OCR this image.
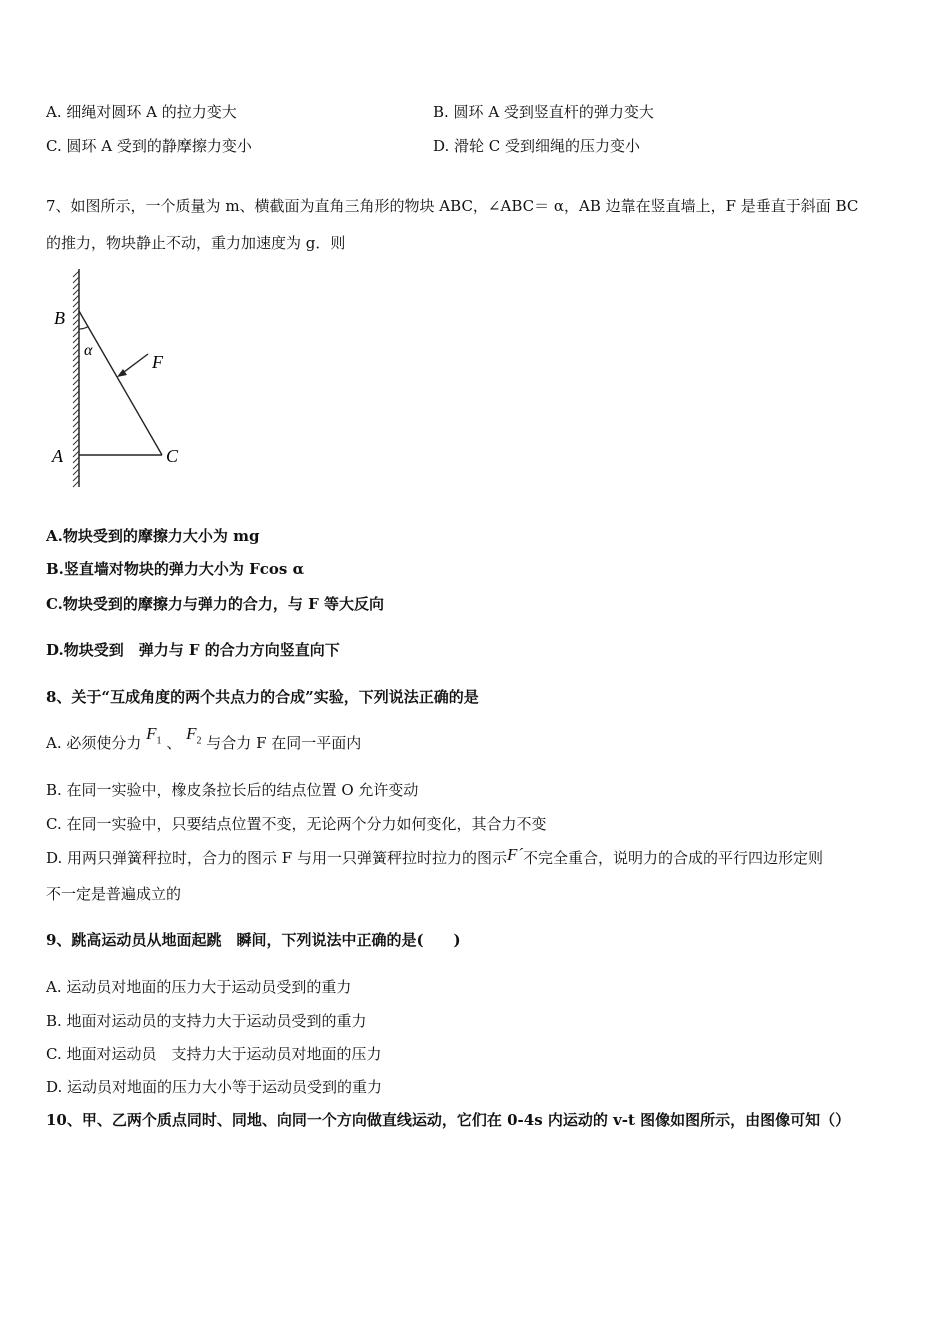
A. 细绳对圆环 A 的拉力变大	B. 圆环 A 受到竖直杆的弹力变大
C. 圆环 A 受到的静摩擦力变小	D. 滑轮 C 受到细绳的压力变小
7、如图所示，一个质量为 m、横截面为直角三角形的物块 ABC，∠ABC＝ α，AB 边靠在竖直墙上，F 是垂直于斜面 BC
的推力，物块静止不动，重力加速度为 g．则
B
α
F
A	C
A.物块受到的摩擦力大小为 mg
B.竖直墙对物块的弹力大小为 Fcos α
C.物块受到的摩擦力与弹力的合力，与 F 等大反向
D.物块受到　弹力与 F 的合力方向竖直向下
8、关于“互成角度的两个共点力的合成”实验，下列说法正确的是
A. 必须使分力 $F_1$ 、 $F_2$ 与合力 F 在同一平面内
B. 在同一实验中，橡皮条拉长后的结点位置 O 允许变动
C. 在同一实验中，只要结点位置不变，无论两个分力如何变化，其合力不变
D. 用两只弹簧秤拉时，合力的图示 F 与用一只弹簧秤拉时拉力的图示F´不完全重合，说明力的合成的平行四边形定则
不一定是普遍成立的
9、跳高运动员从地面起跳　瞬间，下列说法中正确的是(　　)
A. 运动员对地面的压力大于运动员受到的重力
B. 地面对运动员的支持力大于运动员受到的重力
C. 地面对运动员　支持力大于运动员对地面的压力
D. 运动员对地面的压力大小等于运动员受到的重力
10、甲、乙两个质点同时、同地、向同一个方向做直线运动，它们在 0-4s 内运动的 v-t 图像如图所示，由图像可知（）
